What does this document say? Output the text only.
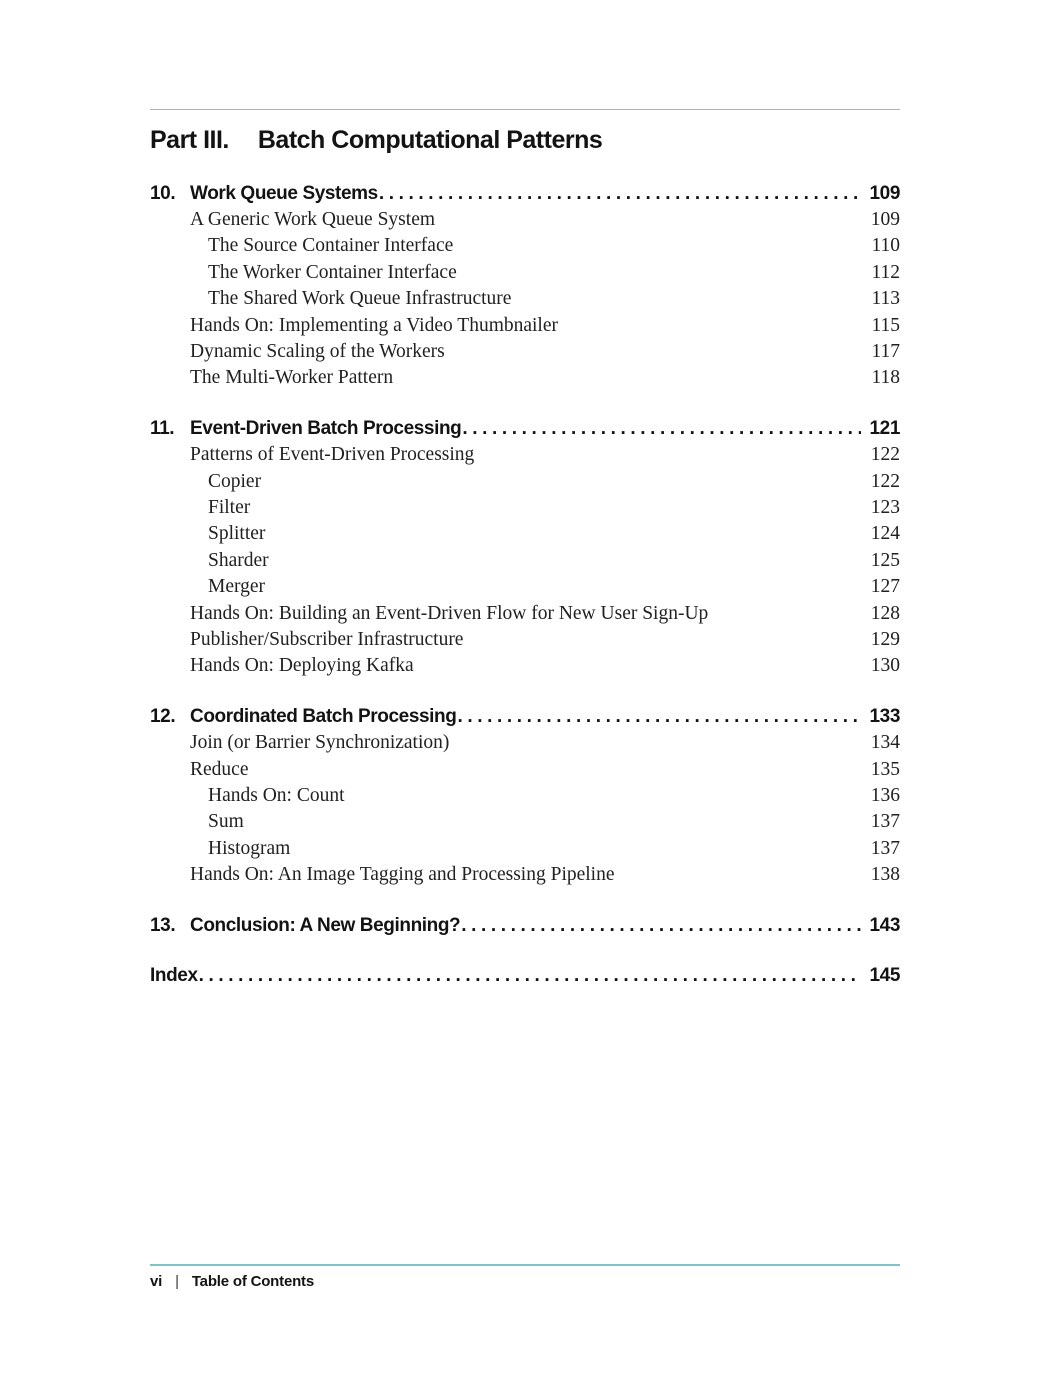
Part III. Batch Computational Patterns
10. Work Queue Systems .....	109
A Generic Work Queue System	109
The Source Container Interface	110
The Worker Container Interface	112
The Shared Work Queue Infrastructure	113
Hands On: Implementing a Video Thumbnailer	115
Dynamic Scaling of the Workers	117
The Multi-Worker Pattern	118
11. Event-Driven Batch Processing .....	121
Patterns of Event-Driven Processing	122
Copier	122
Filter	123
Splitter	124
Sharder	125
Merger	127
Hands On: Building an Event-Driven Flow for New User Sign-Up	128
Publisher/Subscriber Infrastructure	129
Hands On: Deploying Kafka	130
12. Coordinated Batch Processing .....	133
Join (or Barrier Synchronization)	134
Reduce	135
Hands On: Count	136
Sum	137
Histogram	137
Hands On: An Image Tagging and Processing Pipeline	138
13. Conclusion: A New Beginning? .....	143
Index .....	145
vi | Table of Contents
